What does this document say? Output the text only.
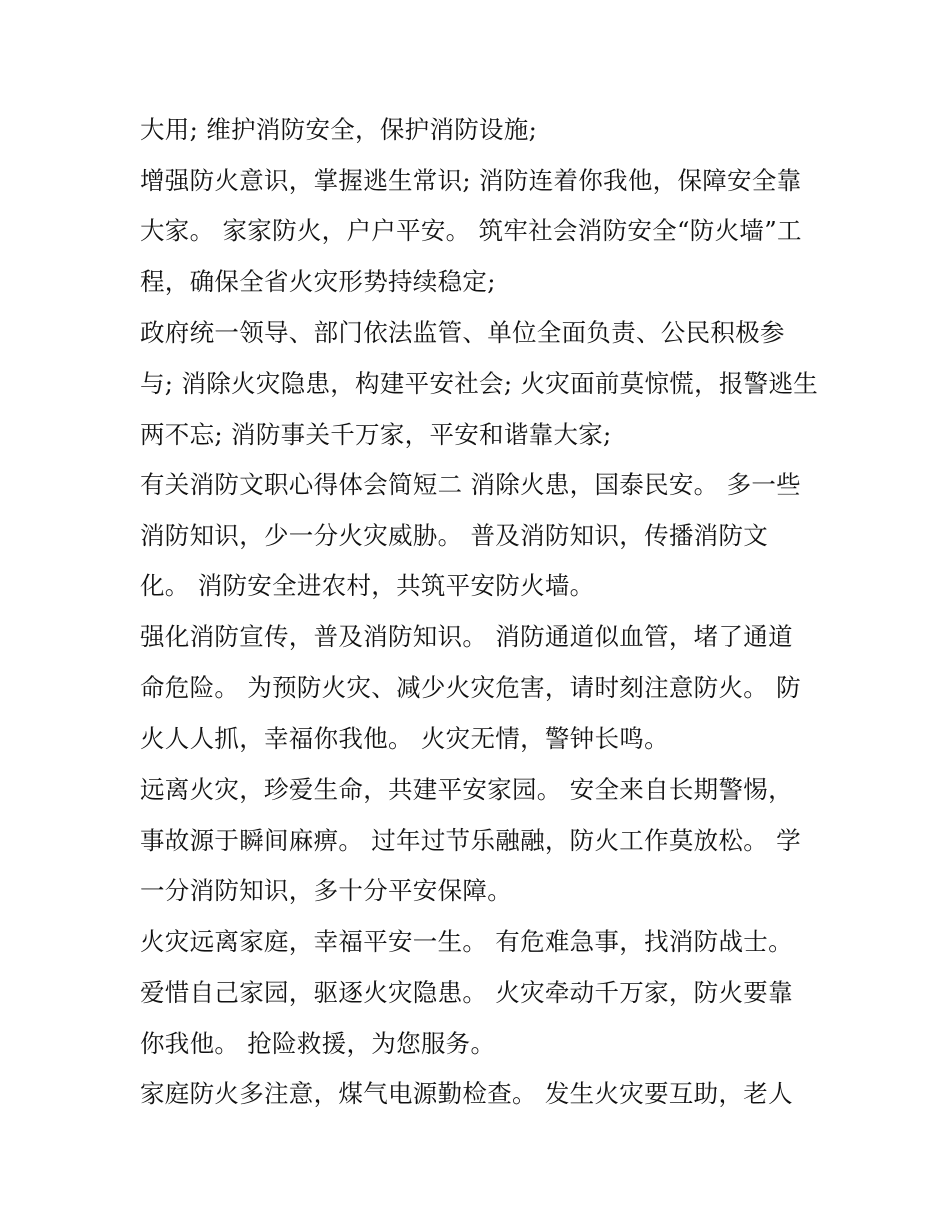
大用; 维护消防安全，保护消防设施;
增强防火意识，掌握逃生常识; 消防连着你我他，保障安全靠
大家。 家家防火，户户平安。 筑牢社会消防安全“防火墙”工
程，确保全省火灾形势持续稳定;
政府统一领导、部门依法监管、单位全面负责、公民积极参
与; 消除火灾隐患，构建平安社会; 火灾面前莫惊慌，报警逃生
两不忘; 消防事关千万家，平安和谐靠大家;
有关消防文职心得体会简短二 消除火患，国泰民安。 多一些
消防知识，少一分火灾威胁。 普及消防知识，传播消防文
化。 消防安全进农村，共筑平安防火墙。
强化消防宣传，普及消防知识。 消防通道似血管，堵了通道
命危险。 为预防火灾、减少火灾危害，请时刻注意防火。 防
火人人抓，幸福你我他。 火灾无情，警钟长鸣。
远离火灾，珍爱生命，共建平安家园。 安全来自长期警惕，
事故源于瞬间麻痹。 过年过节乐融融，防火工作莫放松。 学
一分消防知识，多十分平安保障。
火灾远离家庭，幸福平安一生。 有危难急事，找消防战士。
爱惜自己家园，驱逐火灾隐患。 火灾牵动千万家，防火要靠
你我他。 抢险救援，为您服务。
家庭防火多注意，煤气电源勤检查。 发生火灾要互助，老人
